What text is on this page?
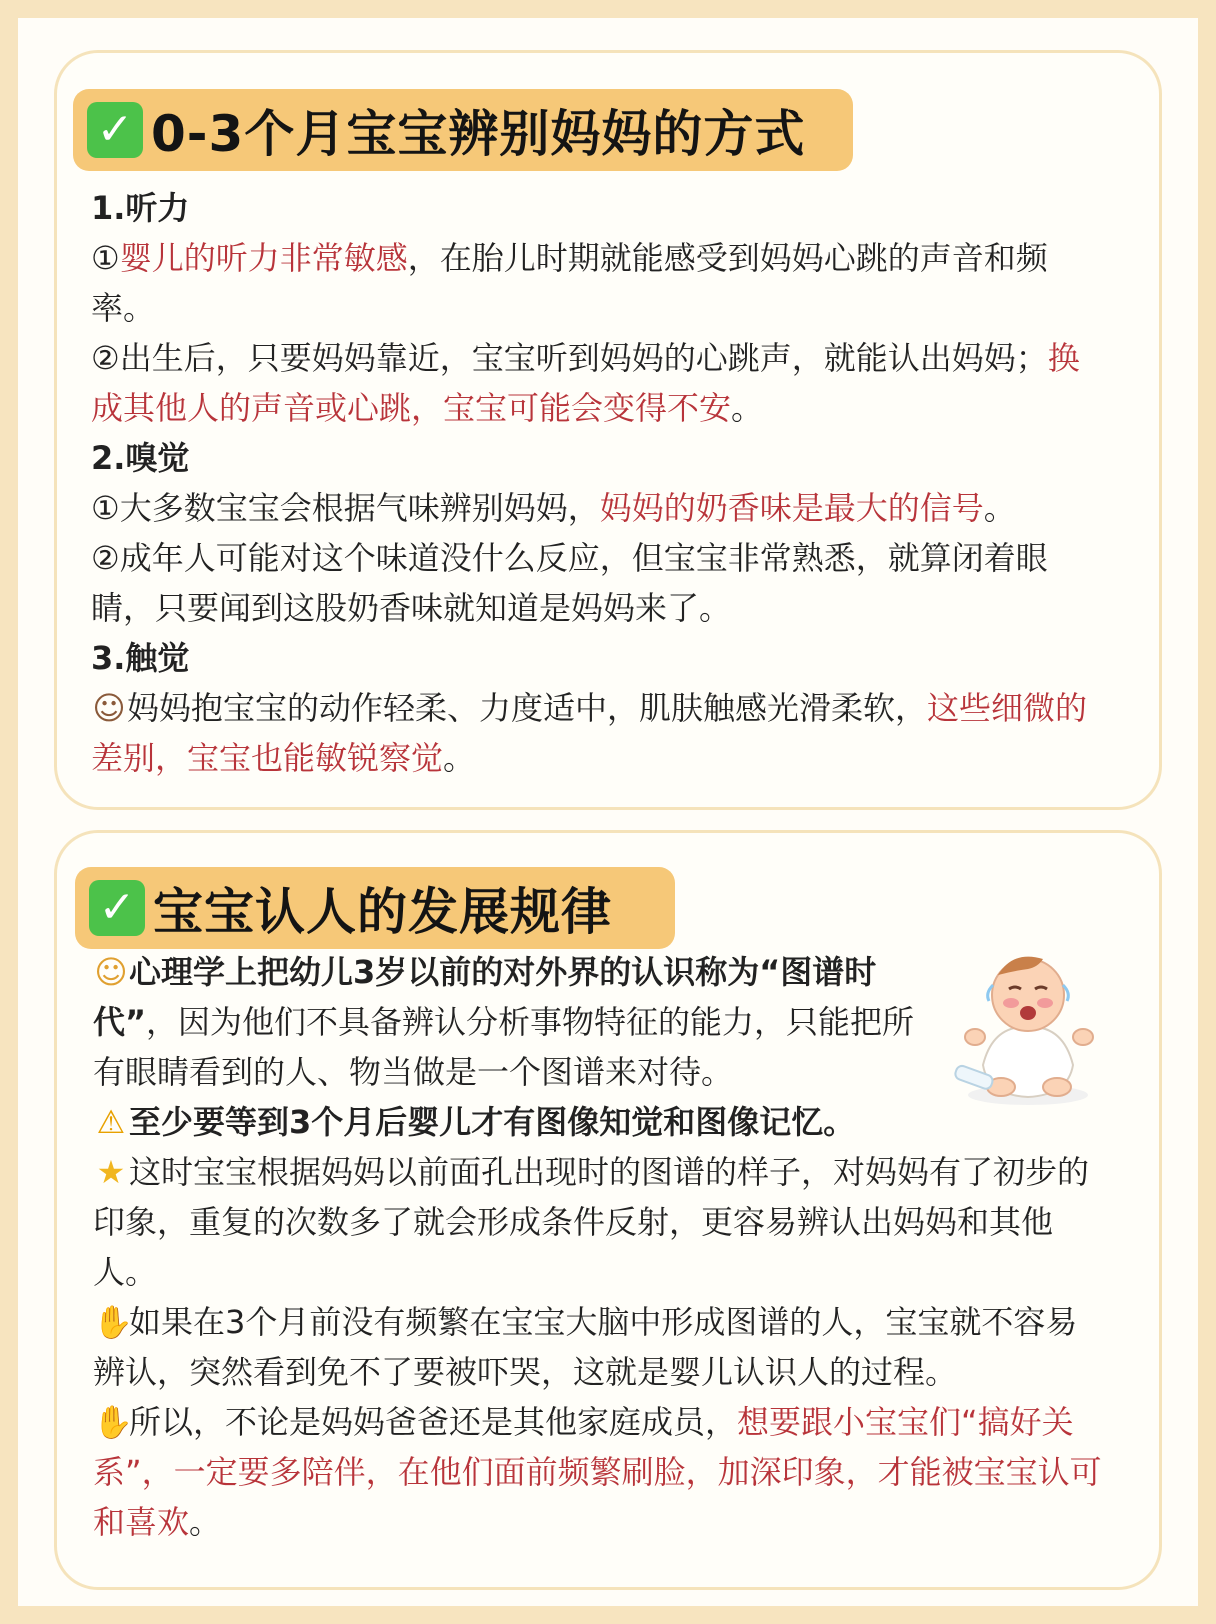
✓ 0-3个月宝宝辨别妈妈的方式

1.听力

①婴儿的听力非常敏感，在胎儿时期就能感受到妈妈心跳的声音和频率。

②出生后，只要妈妈靠近，宝宝听到妈妈的心跳声，就能认出妈妈；换成其他人的声音或心跳，宝宝可能会变得不安。

2.嗅觉

①大多数宝宝会根据气味辨别妈妈，妈妈的奶香味是最大的信号。

②成年人可能对这个味道没什么反应，但宝宝非常熟悉，就算闭着眼睛，只要闻到这股奶香味就知道是妈妈来了。

3.触觉

☺妈妈抱宝宝的动作轻柔、力度适中，肌肤触感光滑柔软，这些细微的差别，宝宝也能敏锐察觉。

✓ 宝宝认人的发展规律

☺心理学上把幼儿3岁以前的对外界的认识称为“图谱时代”，因为他们不具备辨认分析事物特征的能力，只能把所有眼睛看到的人、物当做是一个图谱来对待。

⚠ 至少要等到3个月后婴儿才有图像知觉和图像记忆。

★ 这时宝宝根据妈妈以前面孔出现时的图谱的样子，对妈妈有了初步的印象，重复的次数多了就会形成条件反射，更容易辨认出妈妈和其他人。

✋如果在3个月前没有频繁在宝宝大脑中形成图谱的人，宝宝就不容易辨认，突然看到免不了要被吓哭，这就是婴儿认识人的过程。

✋所以，不论是妈妈爸爸还是其他家庭成员，想要跟小宝宝们“搞好关系”，一定要多陪伴，在他们面前频繁刷脸，加深印象，才能被宝宝认可和喜欢。
